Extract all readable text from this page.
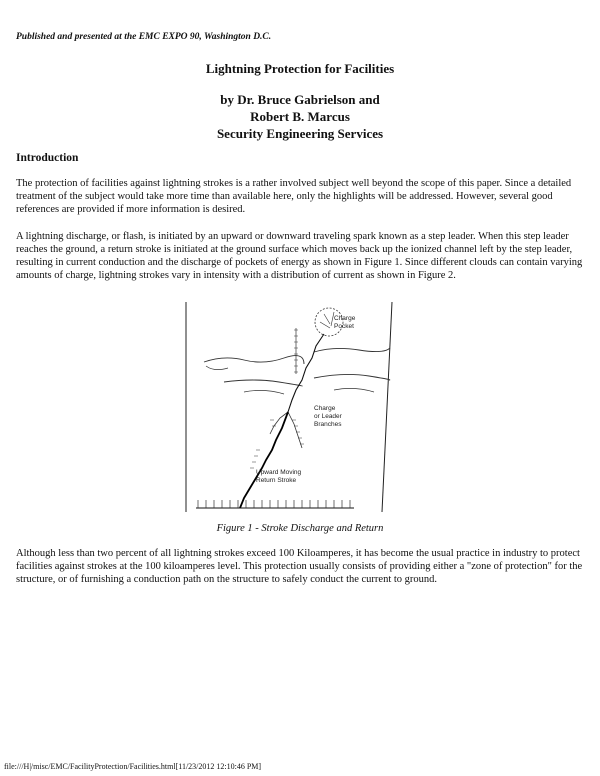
Published and presented at the EMC EXPO 90, Washington D.C.
Lightning Protection for Facilities
by Dr. Bruce Gabrielson and
Robert B. Marcus
Security Engineering Services
Introduction

The protection of facilities against lightning strokes is a rather involved subject well beyond the scope of this paper. Since a detailed treatment of the subject would take more time than available here, only the highlights will be addressed. However, several good references are provided if more information is desired.

A lightning discharge, or flash, is initiated by an upward or downward traveling spark known as a step leader. When this step leader reaches the ground, a return stroke is initiated at the ground surface which moves back up the ionized channel left by the step leader, resulting in current conduction and the discharge of pockets of energy as shown in Figure 1. Since different clouds can contain varying amounts of charge, lightning strokes vary in intensity with a distribution of current as shown in Figure 2.

Charge
Pocket
Charge
or Leader
Branches
Upward Moving
Return Stroke
Figure 1 - Stroke Discharge and Return

Although less than two percent of all lightning strokes exceed 100 Kiloamperes, it has become the usual practice in industry to protect facilities against strokes at the 100 kiloamperes level. This protection usually consists of providing either a "zone of protection" for the structure, or of furnishing a conduction path on the structure to safely conduct the current to ground.

file:///H|/misc/EMC/FacilityProtection/Facilities.html[11/23/2012 12:10:46 PM]
